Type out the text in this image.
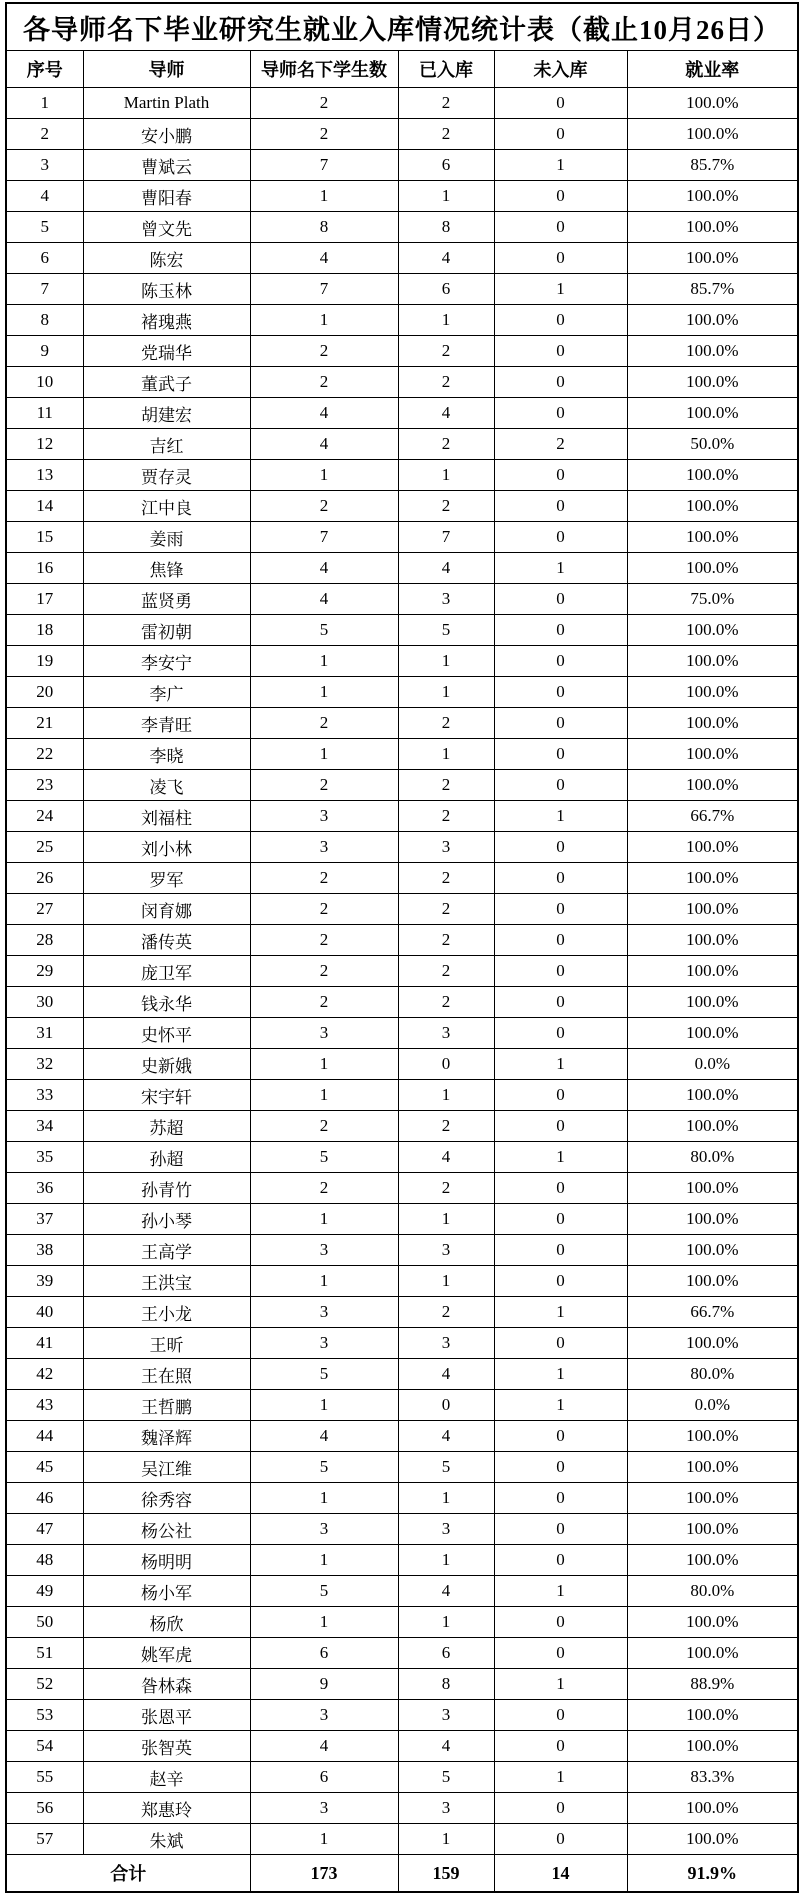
各导师名下毕业研究生就业入库情况统计表（截止10月26日）					
序号	导师	导师名下学生数	已入库	未入库	就业率
1	Martin Plath	2	2	0	100.0%
2	安小鹏	2	2	0	100.0%
3	曹斌云	7	6	1	85.7%
4	曹阳春	1	1	0	100.0%
5	曾文先	8	8	0	100.0%
6	陈宏	4	4	0	100.0%
7	陈玉林	7	6	1	85.7%
8	褚瑰燕	1	1	0	100.0%
9	党瑞华	2	2	0	100.0%
10	董武子	2	2	0	100.0%
11	胡建宏	4	4	0	100.0%
12	吉红	4	2	2	50.0%
13	贾存灵	1	1	0	100.0%
14	江中良	2	2	0	100.0%
15	姜雨	7	7	0	100.0%
16	焦锋	4	4	1	100.0%
17	蓝贤勇	4	3	0	75.0%
18	雷初朝	5	5	0	100.0%
19	李安宁	1	1	0	100.0%
20	李广	1	1	0	100.0%
21	李青旺	2	2	0	100.0%
22	李晓	1	1	0	100.0%
23	凌飞	2	2	0	100.0%
24	刘福柱	3	2	1	66.7%
25	刘小林	3	3	0	100.0%
26	罗军	2	2	0	100.0%
27	闵育娜	2	2	0	100.0%
28	潘传英	2	2	0	100.0%
29	庞卫军	2	2	0	100.0%
30	钱永华	2	2	0	100.0%
31	史怀平	3	3	0	100.0%
32	史新娥	1	0	1	0.0%
33	宋宇轩	1	1	0	100.0%
34	苏超	2	2	0	100.0%
35	孙超	5	4	1	80.0%
36	孙青竹	2	2	0	100.0%
37	孙小琴	1	1	0	100.0%
38	王高学	3	3	0	100.0%
39	王洪宝	1	1	0	100.0%
40	王小龙	3	2	1	66.7%
41	王昕	3	3	0	100.0%
42	王在照	5	4	1	80.0%
43	王哲鹏	1	0	1	0.0%
44	魏泽辉	4	4	0	100.0%
45	吴江维	5	5	0	100.0%
46	徐秀容	1	1	0	100.0%
47	杨公社	3	3	0	100.0%
48	杨明明	1	1	0	100.0%
49	杨小军	5	4	1	80.0%
50	杨欣	1	1	0	100.0%
51	姚军虎	6	6	0	100.0%
52	昝林森	9	8	1	88.9%
53	张恩平	3	3	0	100.0%
54	张智英	4	4	0	100.0%
55	赵辛	6	5	1	83.3%
56	郑惠玲	3	3	0	100.0%
57	朱斌	1	1	0	100.0%
合计		173	159	14	91.9%
